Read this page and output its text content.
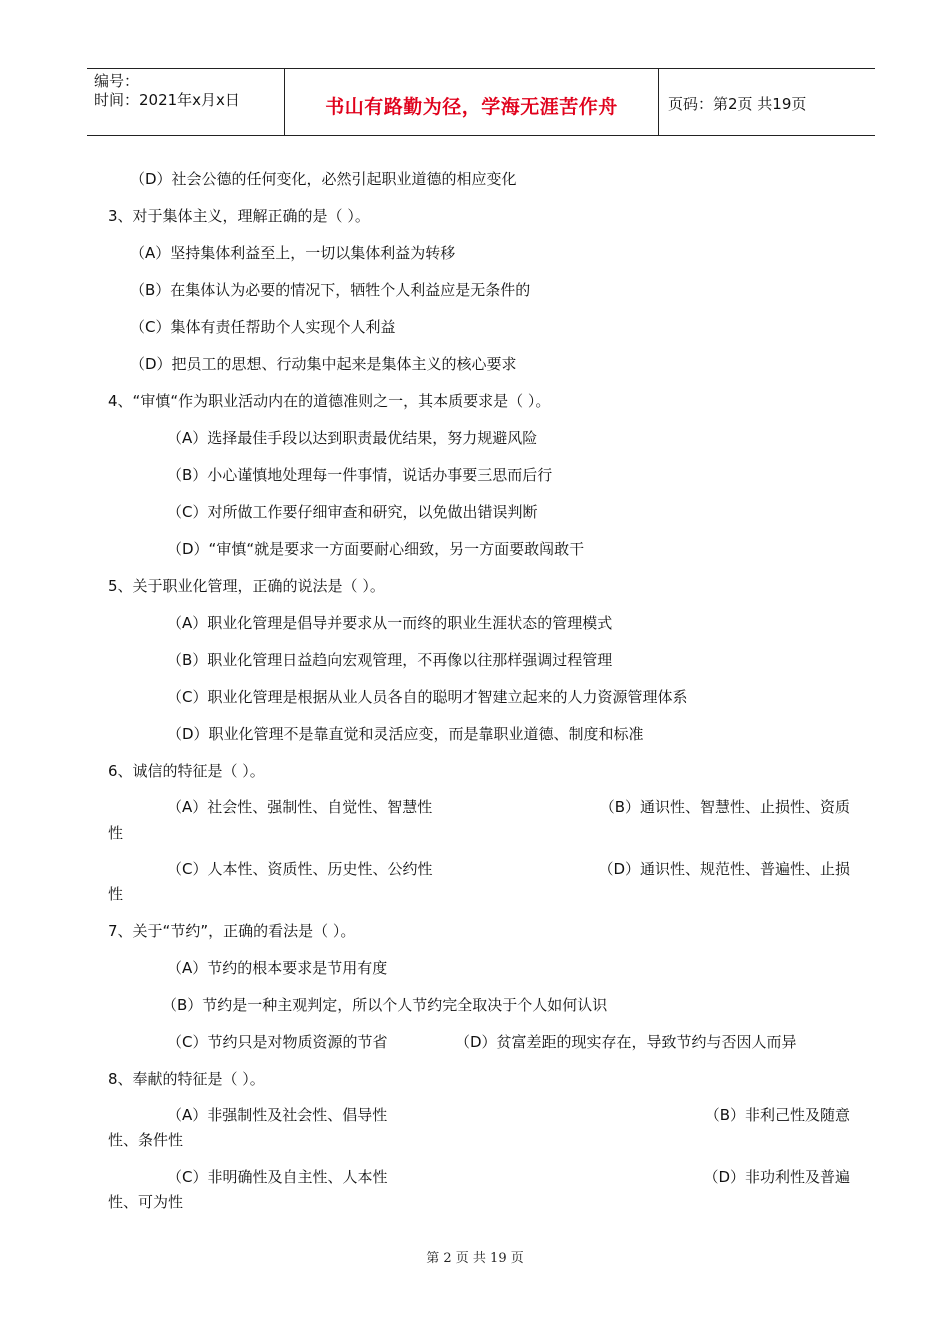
编号：
时间：2021年x月x日	书山有路勤为径，学海无涯苦作舟	页码：第2页 共19页
（D）社会公德的任何变化，必然引起职业道德的相应变化
3、对于集体主义，理解正确的是（ ）。
（A）坚持集体利益至上，一切以集体利益为转移
（B）在集体认为必要的情况下，牺牲个人利益应是无条件的
（C）集体有责任帮助个人实现个人利益
（D）把员工的思想、行动集中起来是集体主义的核心要求
4、“审慎“作为职业活动内在的道德准则之一，其本质要求是（ ）。
（A）选择最佳手段以达到职责最优结果，努力规避风险
（B）小心谨慎地处理每一件事情，说话办事要三思而后行
（C）对所做工作要仔细审查和研究，以免做出错误判断
（D）“审慎“就是要求一方面要耐心细致，另一方面要敢闯敢干
5、关于职业化管理，正确的说法是（ ）。
（A）职业化管理是倡导并要求从一而终的职业生涯状态的管理模式
（B）职业化管理日益趋向宏观管理，不再像以往那样强调过程管理
（C）职业化管理是根据从业人员各自的聪明才智建立起来的人力资源管理体系
（D）职业化管理不是靠直觉和灵活应变，而是靠职业道德、制度和标准
6、诚信的特征是（ ）。
（A）社会性、强制性、自觉性、智慧性	（B）通识性、智慧性、止损性、资质
性
（C）人本性、资质性、历史性、公约性	（D）通识性、规范性、普遍性、止损
性
7、关于“节约”，正确的看法是（ ）。
（A）节约的根本要求是节用有度
（B）节约是一种主观判定，所以个人节约完全取决于个人如何认识
（C）节约只是对物质资源的节省	（D）贫富差距的现实存在，导致节约与否因人而异
8、奉献的特征是（ ）。
（A）非强制性及社会性、倡导性	（B）非利己性及随意
性、条件性
（C）非明确性及自主性、人本性	（D）非功利性及普遍
性、可为性
第 2 页 共 19 页
